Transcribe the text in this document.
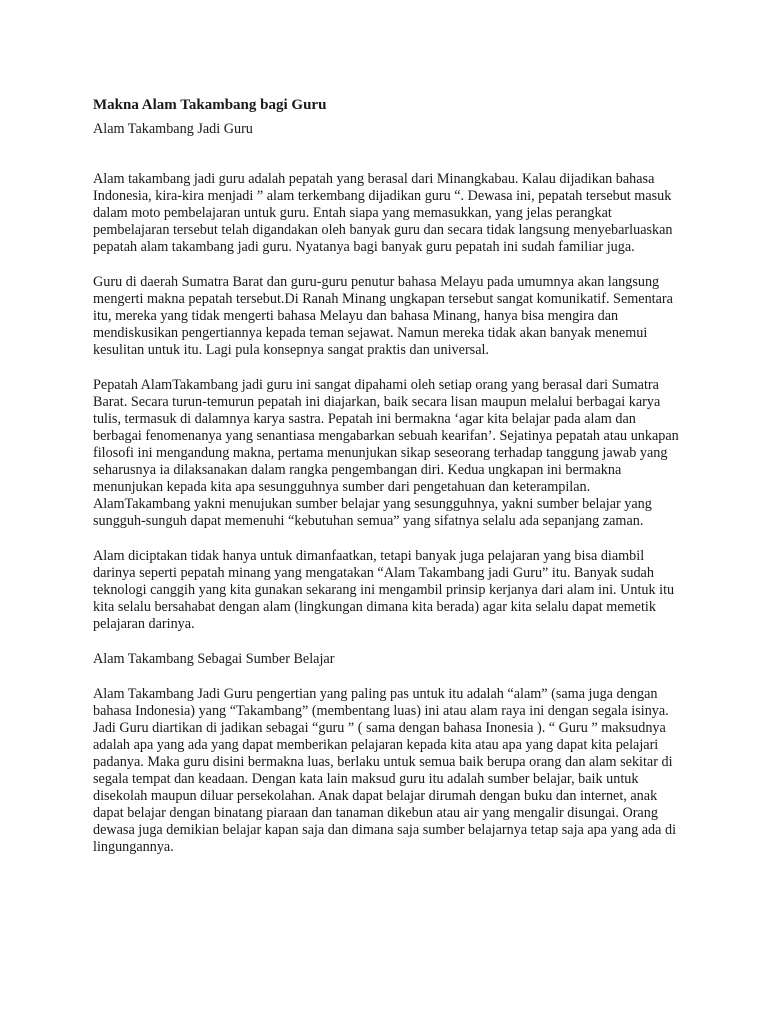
Makna Alam Takambang bagi Guru
Alam Takambang Jadi Guru

Alam takambang jadi guru adalah pepatah yang berasal dari Minangkabau. Kalau dijadikan bahasa Indonesia, kira-kira menjadi ” alam terkembang dijadikan guru “. Dewasa ini, pepatah tersebut masuk dalam moto pembelajaran untuk guru. Entah siapa yang memasukkan, yang jelas perangkat pembelajaran tersebut telah digandakan oleh banyak guru dan secara tidak langsung menyebarluaskan pepatah alam takambang jadi guru. Nyatanya bagi banyak guru pepatah ini sudah familiar juga.

Guru di daerah Sumatra Barat dan guru-guru penutur bahasa Melayu pada umumnya akan langsung mengerti makna pepatah tersebut.Di Ranah Minang ungkapan tersebut sangat komunikatif. Sementara itu, mereka yang tidak mengerti bahasa Melayu dan bahasa Minang, hanya bisa mengira dan mendiskusikan pengertiannya kepada teman sejawat. Namun mereka tidak akan banyak menemui kesulitan untuk itu. Lagi pula konsepnya sangat praktis dan universal.

Pepatah AlamTakambang jadi guru ini sangat dipahami oleh setiap orang yang berasal dari Sumatra Barat. Secara turun-temurun pepatah ini diajarkan, baik secara lisan maupun melalui berbagai karya tulis, termasuk di dalamnya karya sastra. Pepatah ini bermakna ‘agar kita belajar pada alam dan berbagai fenomenanya yang senantiasa mengabarkan sebuah kearifan’. Sejatinya pepatah atau unkapan filosofi ini mengandung makna, pertama menunjukan sikap seseorang terhadap tanggung jawab yang seharusnya ia dilaksanakan dalam rangka pengembangan diri. Kedua ungkapan ini bermakna menunjukan kepada kita apa sesungguhnya sumber dari pengetahuan dan keterampilan. AlamTakambang yakni menujukan sumber belajar yang sesungguhnya, yakni sumber belajar yang sungguh-sunguh dapat memenuhi “kebutuhan semua” yang sifatnya selalu ada sepanjang zaman.

Alam diciptakan tidak hanya untuk dimanfaatkan, tetapi banyak juga pelajaran yang bisa diambil darinya seperti pepatah minang yang mengatakan “Alam Takambang jadi Guru” itu. Banyak sudah teknologi canggih yang kita gunakan sekarang ini mengambil prinsip kerjanya dari alam ini. Untuk itu kita selalu bersahabat dengan alam (lingkungan dimana kita berada) agar kita selalu dapat memetik pelajaran darinya.

Alam Takambang Sebagai Sumber Belajar

Alam Takambang Jadi Guru pengertian yang paling pas untuk itu adalah “alam” (sama juga dengan bahasa Indonesia) yang “Takambang” (membentang luas) ini atau alam raya ini dengan segala isinya. Jadi Guru diartikan di jadikan sebagai “guru ” ( sama dengan bahasa Inonesia ). “ Guru ” maksudnya adalah apa yang ada yang dapat memberikan pelajaran kepada kita atau apa yang dapat kita pelajari padanya. Maka guru disini bermakna luas, berlaku untuk semua baik berupa orang dan alam sekitar di segala tempat dan keadaan. Dengan kata lain maksud guru itu adalah sumber belajar, baik untuk disekolah maupun diluar persekolahan. Anak dapat belajar dirumah dengan buku dan internet, anak dapat belajar dengan binatang piaraan dan tanaman dikebun atau air yang mengalir disungai. Orang dewasa juga demikian belajar kapan saja dan dimana saja sumber belajarnya tetap saja apa yang ada di lingungannya.
